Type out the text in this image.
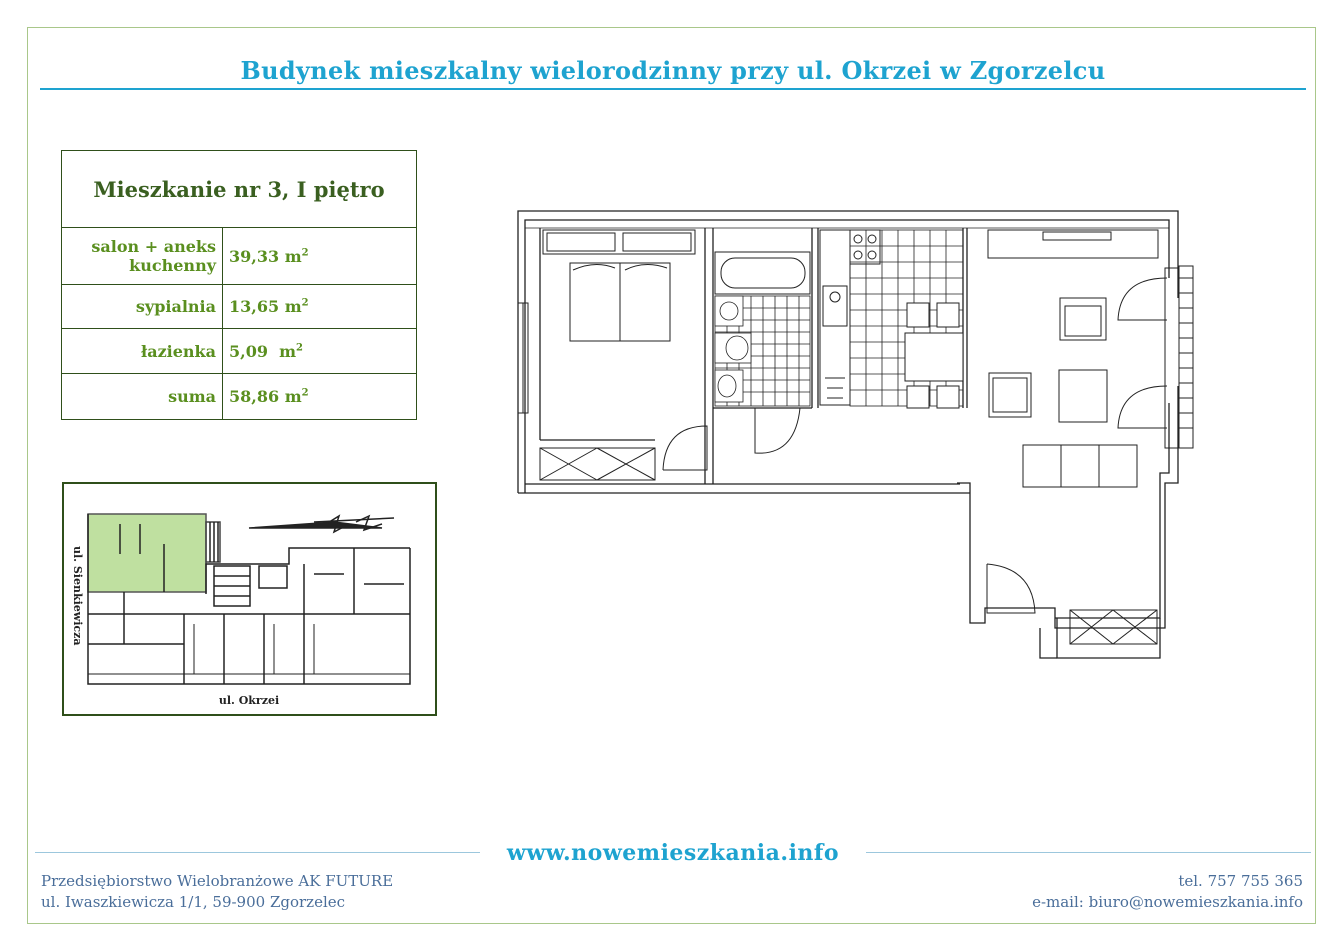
Budynek mieszkalny wielorodzinny przy ul. Okrzei w Zgorzelcu
Mieszkanie nr 3, I piętro	
salon + aneks kuchenny	39,33 $m^2$
sypialnia	13,65 $m^2$
łazienka	5,09 $m^2$
suma	58,86 $m^2$
ul. Sienkiewicza
ul. Okrzei
www.nowemieszkania.info
Przedsiębiorstwo Wielobranżowe AK FUTURE
ul. Iwaszkiewicza 1/1, 59-900 Zgorzelec
tel. 757 755 365
e-mail: biuro@nowemieszkania.info
